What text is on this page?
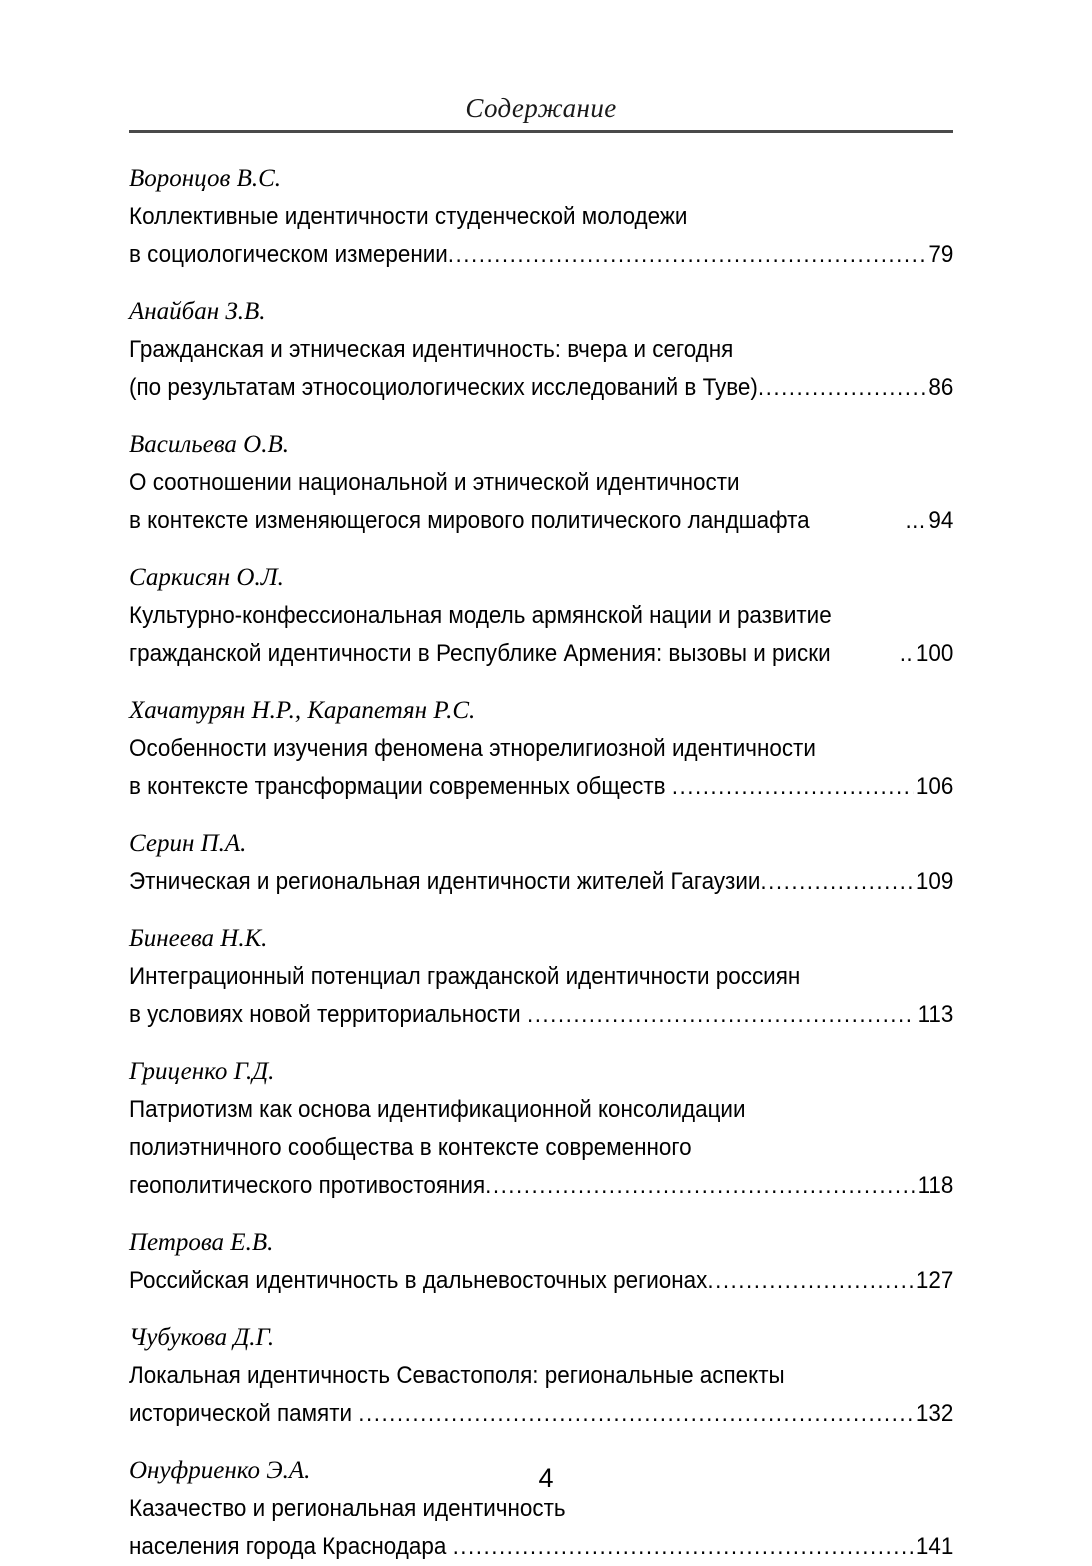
Содержание
Воронцов В.С.
Коллективные идентичности студенческой молодежи
в социологическом измерении .....	79
Анайбан З.В.
Гражданская и этническая идентичность: вчера и сегодня
(по результатам этносоциологических исследований в Туве) .....	86
Васильева О.В.
О соотношении национальной и этнической идентичности
в контексте изменяющегося мирового политического ландшафта	... 94
Саркисян О.Л.
Культурно-конфессиональная модель армянской нации и развитие
гражданской идентичности в Республике Армения: вызовы и риски	.. 100
Хачатурян Н.Р., Карапетян Р.С.
Особенности изучения феномена этнорелигиозной идентичности
в контексте трансформации современных обществ .....	106
Серин П.А.
Этническая и региональная идентичности жителей Гагаузии .....	109
Бинеева Н.К.
Интеграционный потенциал гражданской идентичности россиян
в условиях новой территориальности .....	113
Гриценко Г.Д.
Патриотизм как основа идентификационной консолидации
полиэтничного сообщества в контексте современного
геополитического противостояния .....	118
Петрова Е.В.
Российская идентичность в дальневосточных регионах .....	127
Чубукова Д.Г.
Локальная идентичность Севастополя: региональные аспекты
исторической памяти .....	132
Онуфриенко Э.А.
Казачество и региональная идентичность
населения города Краснодара .....	141
4
